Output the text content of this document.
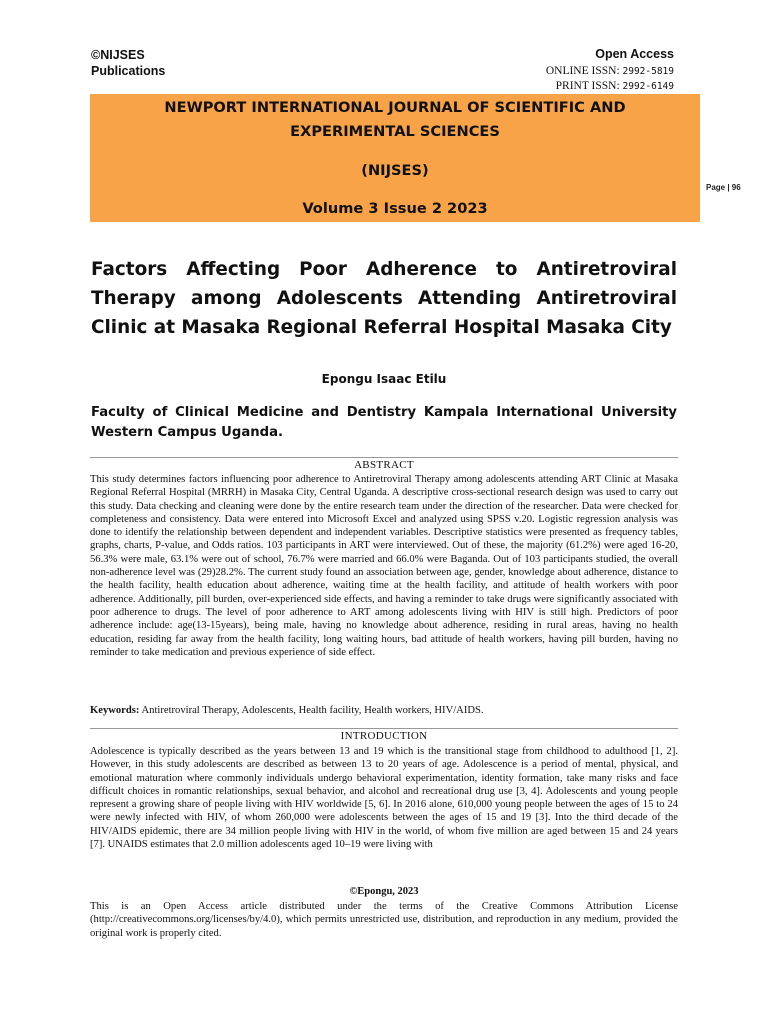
©NIJSES
Publications
Open Access
ONLINE ISSN: 2992-5819
PRINT ISSN: 2992-6149
NEWPORT INTERNATIONAL JOURNAL OF SCIENTIFIC AND
EXPERIMENTAL SCIENCES
(NIJSES)
Volume 3 Issue 2 2023
Page | 96
Factors Affecting Poor Adherence to Antiretroviral Therapy among Adolescents Attending Antiretroviral Clinic at Masaka Regional Referral Hospital Masaka City
Epongu Isaac Etilu
Faculty of Clinical Medicine and Dentistry Kampala International University Western Campus Uganda.
ABSTRACT
This study determines factors influencing poor adherence to Antiretroviral Therapy among adolescents attending ART Clinic at Masaka Regional Referral Hospital (MRRH) in Masaka City, Central Uganda. A descriptive cross-sectional research design was used to carry out this study. Data checking and cleaning were done by the entire research team under the direction of the researcher. Data were checked for completeness and consistency. Data were entered into Microsoft Excel and analyzed using SPSS v.20. Logistic regression analysis was done to identify the relationship between dependent and independent variables. Descriptive statistics were presented as frequency tables, graphs, charts, P-value, and Odds ratios. 103 participants in ART were interviewed. Out of these, the majority (61.2%) were aged 16-20, 56.3% were male, 63.1% were out of school, 76.7% were married and 66.0% were Baganda. Out of 103 participants studied, the overall non-adherence level was (29)28.2%. The current study found an association between age, gender, knowledge about adherence, distance to the health facility, health education about adherence, waiting time at the health facility, and attitude of health workers with poor adherence. Additionally, pill burden, over-experienced side effects, and having a reminder to take drugs were significantly associated with poor adherence to drugs. The level of poor adherence to ART among adolescents living with HIV is still high. Predictors of poor adherence include: age(13-15years), being male, having no knowledge about adherence, residing in rural areas, having no health education, residing far away from the health facility, long waiting hours, bad attitude of health workers, having pill burden, having no reminder to take medication and previous experience of side effect.
Keywords: Antiretroviral Therapy, Adolescents, Health facility, Health workers, HIV/AIDS.
INTRODUCTION
Adolescence is typically described as the years between 13 and 19 which is the transitional stage from childhood to adulthood [1, 2]. However, in this study adolescents are described as between 13 to 20 years of age. Adolescence is a period of mental, physical, and emotional maturation where commonly individuals undergo behavioral experimentation, identity formation, take many risks and face difficult choices in romantic relationships, sexual behavior, and alcohol and recreational drug use [3, 4]. Adolescents and young people represent a growing share of people living with HIV worldwide [5, 6]. In 2016 alone, 610,000 young people between the ages of 15 to 24 were newly infected with HIV, of whom 260,000 were adolescents between the ages of 15 and 19 [3]. Into the third decade of the HIV/AIDS epidemic, there are 34 million people living with HIV in the world, of whom five million are aged between 15 and 24 years [7]. UNAIDS estimates that 2.0 million adolescents aged 10–19 were living with
©Epongu, 2023
This is an Open Access article distributed under the terms of the Creative Commons Attribution License (http://creativecommons.org/licenses/by/4.0), which permits unrestricted use, distribution, and reproduction in any medium, provided the original work is properly cited.
